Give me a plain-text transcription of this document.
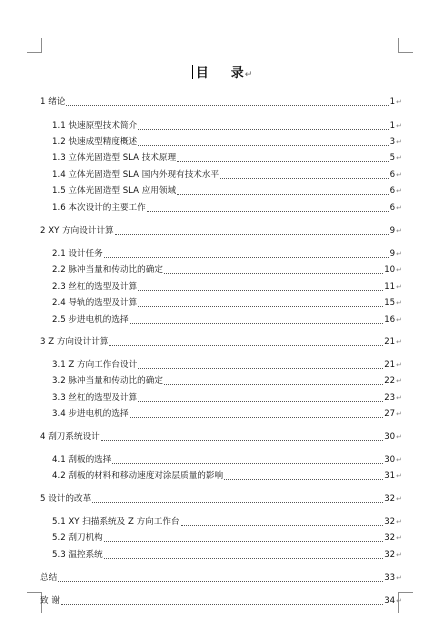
目 录↵
1 绪论	1 ↵
1.1 快速原型技术简介	1 ↵
1.2 快速成型精度概述	3 ↵
1.3 立体光固造型 SLA 技术原理	5 ↵
1.4 立体光固造型 SLA 国内外现有技术水平	6 ↵
1.5 立体光固造型 SLA 应用领域	6 ↵
1.6 本次设计的主要工作	6 ↵
2 XY 方向设计计算	9 ↵
2.1 设计任务	9 ↵
2.2 脉冲当量和传动比的确定	10 ↵
2.3 丝杠的选型及计算	11 ↵
2.4 导轨的选型及计算	15 ↵
2.5 步进电机的选择	16 ↵
3 Z 方向设计计算	21 ↵
3.1 Z 方向工作台设计	21 ↵
3.2 脉冲当量和传动比的确定	22 ↵
3.3 丝杠的选型及计算	23 ↵
3.4 步进电机的选择	27 ↵
4 刮刀系统设计	30 ↵
4.1 刮板的选择	30 ↵
4.2 刮板的材料和移动速度对涂层质量的影响	31 ↵
5 设计的改革	32 ↵
5.1 XY 扫描系统及 Z 方向工作台	32 ↵
5.2 刮刀机构	32 ↵
5.3 温控系统	32 ↵
总结	33 ↵
致 谢	34 ↵
